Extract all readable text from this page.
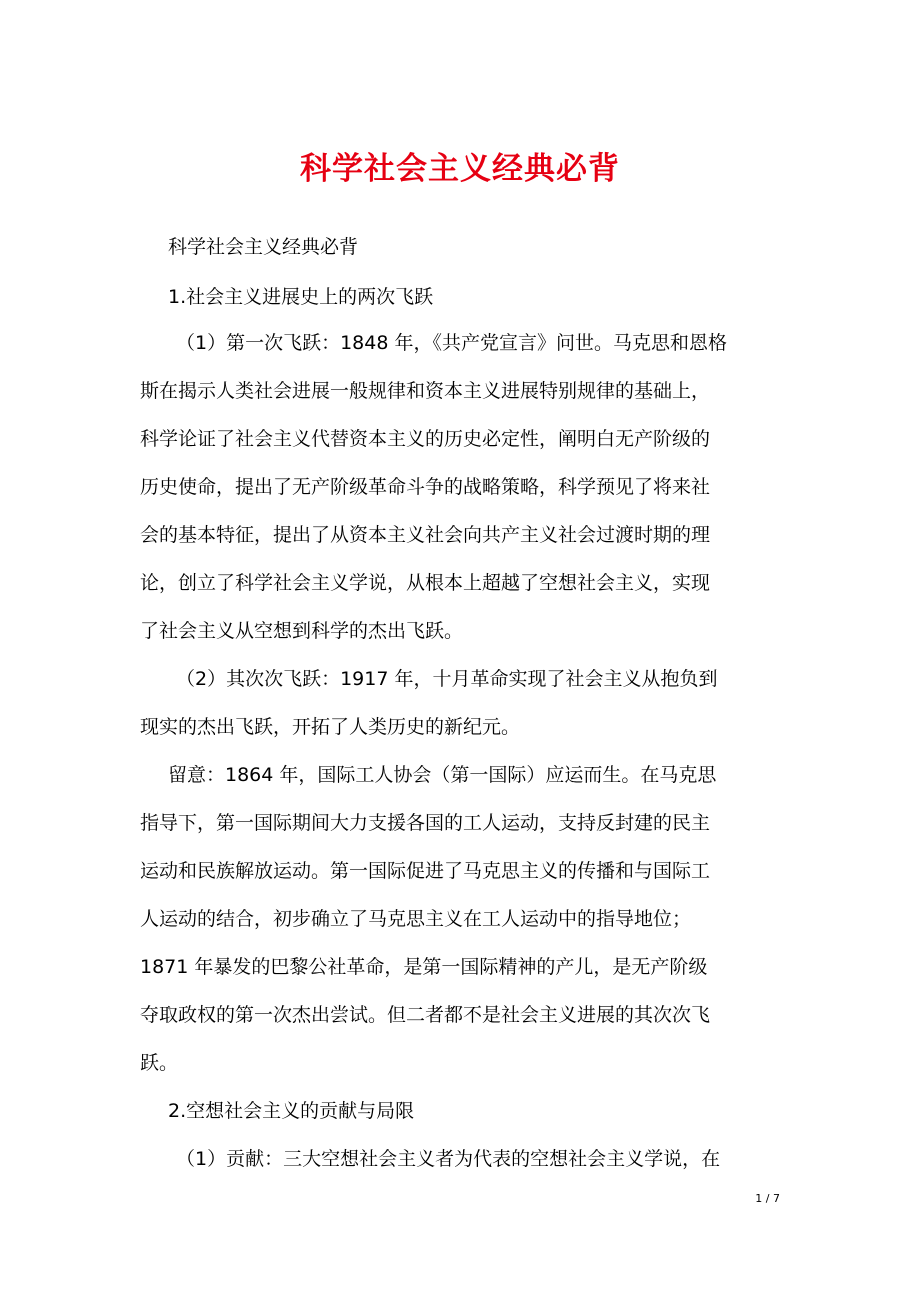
科学社会主义经典必背
科学社会主义经典必背
1.社会主义进展史上的两次飞跃
（1）第一次飞跃：1848 年，《共产党宣言》问世。马克思和恩格
斯在揭示人类社会进展一般规律和资本主义进展特别规律的基础上，
科学论证了社会主义代替资本主义的历史必定性，阐明白无产阶级的
历史使命，提出了无产阶级革命斗争的战略策略，科学预见了将来社
会的基本特征，提出了从资本主义社会向共产主义社会过渡时期的理
论，创立了科学社会主义学说，从根本上超越了空想社会主义，实现
了社会主义从空想到科学的杰出飞跃。
（2）其次次飞跃：1917 年，十月革命实现了社会主义从抱负到
现实的杰出飞跃，开拓了人类历史的新纪元。
留意：1864 年，国际工人协会（第一国际）应运而生。在马克思
指导下，第一国际期间大力支援各国的工人运动，支持反封建的民主
运动和民族解放运动。第一国际促进了马克思主义的传播和与国际工
人运动的结合，初步确立了马克思主义在工人运动中的指导地位；
1871 年暴发的巴黎公社革命，是第一国际精神的产儿，是无产阶级
夺取政权的第一次杰出尝试。但二者都不是社会主义进展的其次次飞
跃。
2.空想社会主义的贡献与局限
（1）贡献：三大空想社会主义者为代表的空想社会主义学说，在
1 / 7
